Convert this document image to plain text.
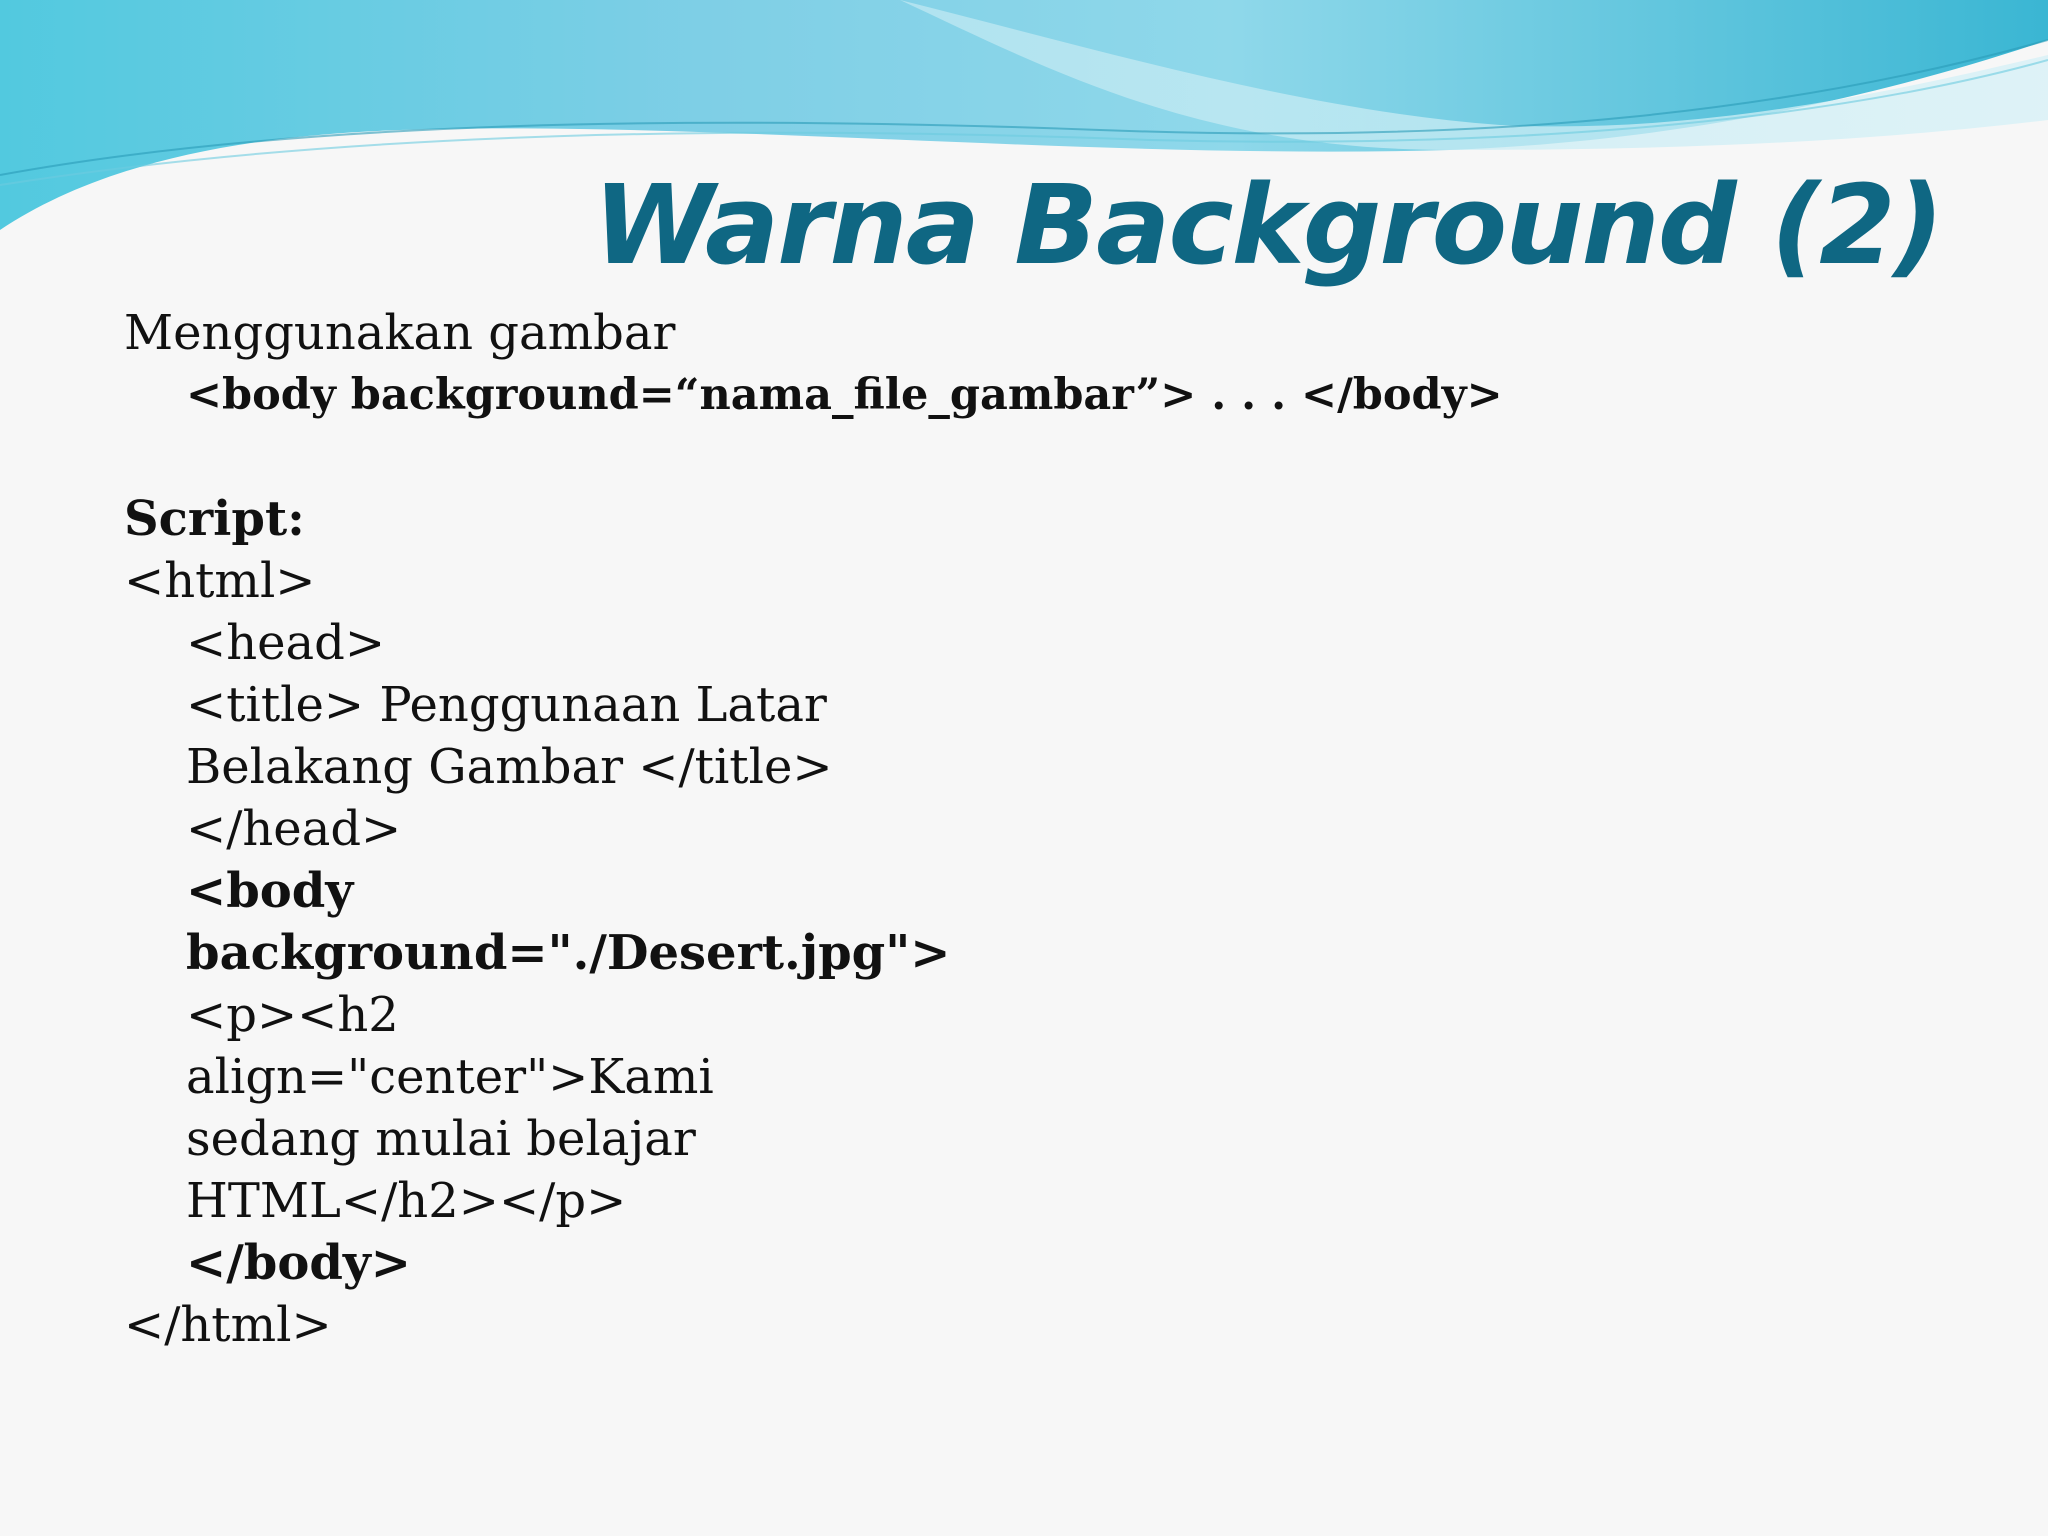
Warna Background (2)
Menggunakan gambar
<body background=“nama_file_gambar”> . . . </body>
Script:
<html>
<head>
<title> Penggunaan Latar
Belakang Gambar </title>
</head>
<body
background="./Desert.jpg">
<p><h2
align="center">Kami
sedang mulai belajar
HTML</h2></p>
</body>
</html>
